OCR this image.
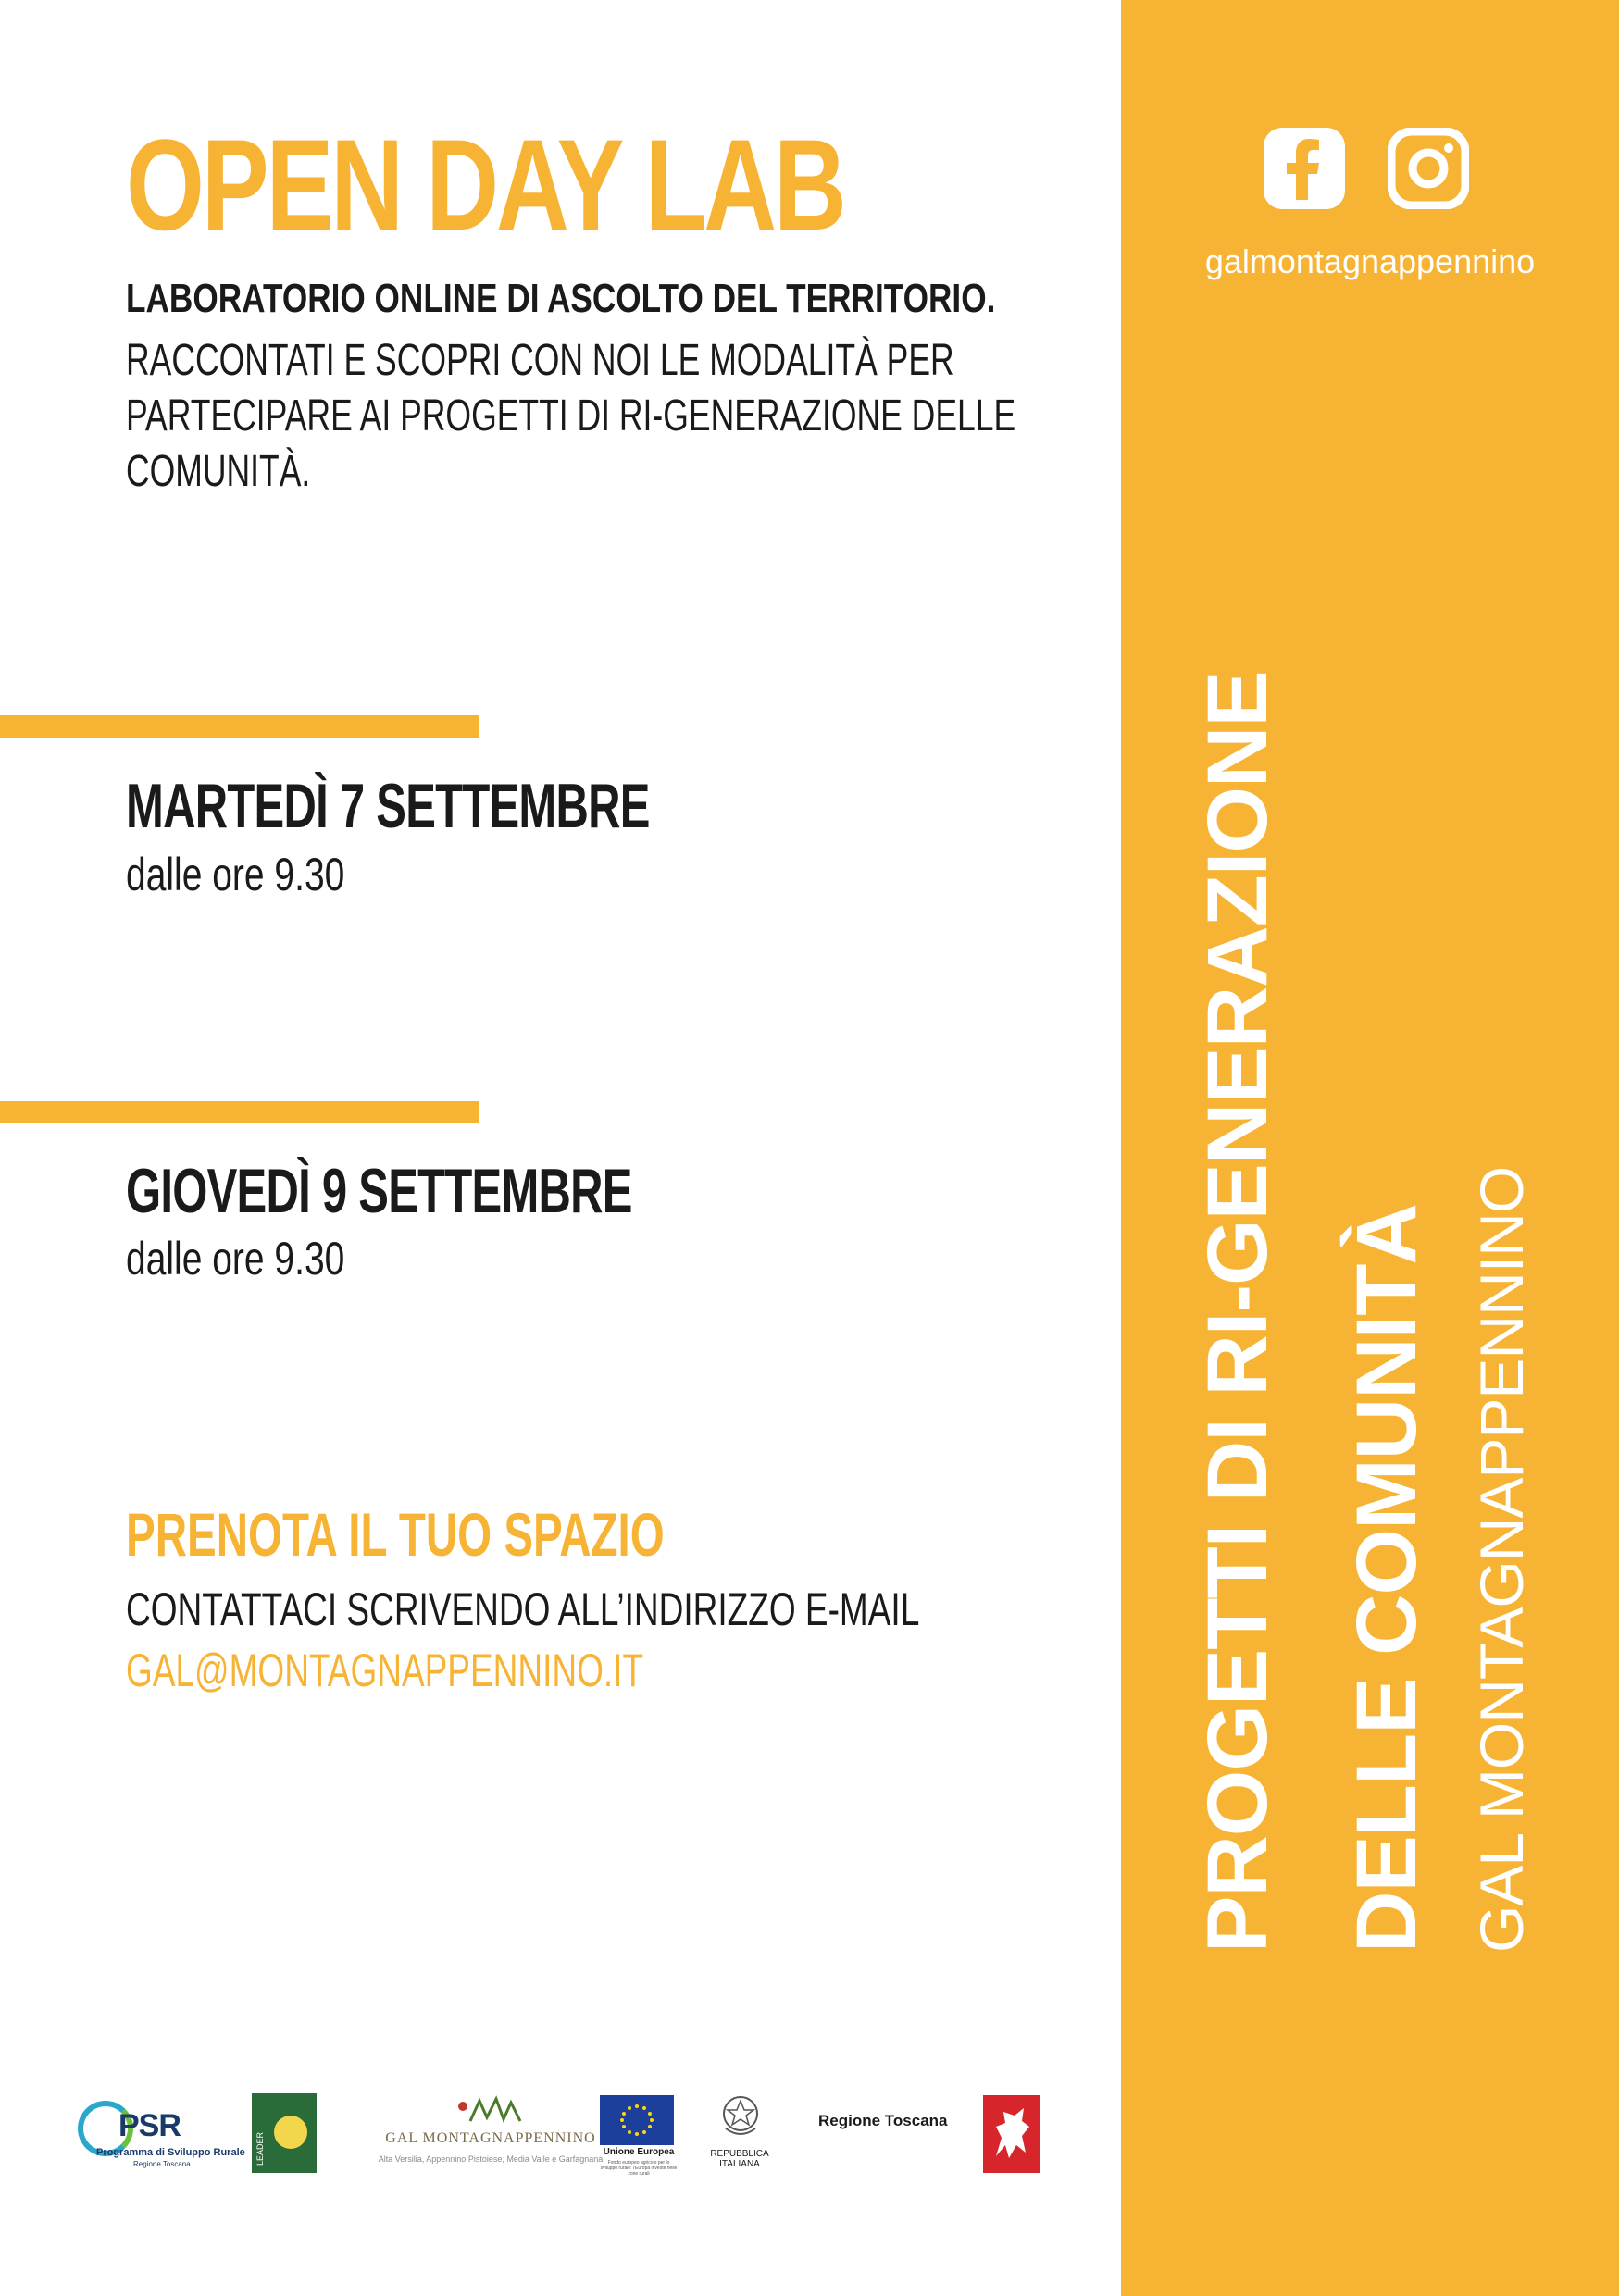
OPEN DAY LAB
LABORATORIO ONLINE DI ASCOLTO DEL TERRITORIO.
RACCONTATI E SCOPRI CON NOI LE MODALITÀ PER
PARTECIPARE AI PROGETTI DI RI-GENERAZIONE DELLE
COMUNITÀ.
MARTEDÌ 7 SETTEMBRE
dalle ore 9.30
GIOVEDÌ 9 SETTEMBRE
dalle ore 9.30
PRENOTA IL TUO SPAZIO
CONTATTACI SCRIVENDO ALL’INDIRIZZO E-MAIL
GAL@MONTAGNAPPENNINO.IT
galmontagnappennino
PROGETTI DI RI-GENERAZIONE DELLE COMUNITÀ GAL MONTAGNAPPENNINO
PSR
Programma di Sviluppo Rurale
Regione Toscana	LEADER	GAL MONTAGNAPPENNINO
Alta Versilia, Appennino Pistoiese, Media Valle e Garfagnana
Unione Europea
Fondo europeo agricolo per lo sviluppo rurale: l'Europa investe nelle zone rurali
REPUBBLICA ITALIANA
Regione Toscana
